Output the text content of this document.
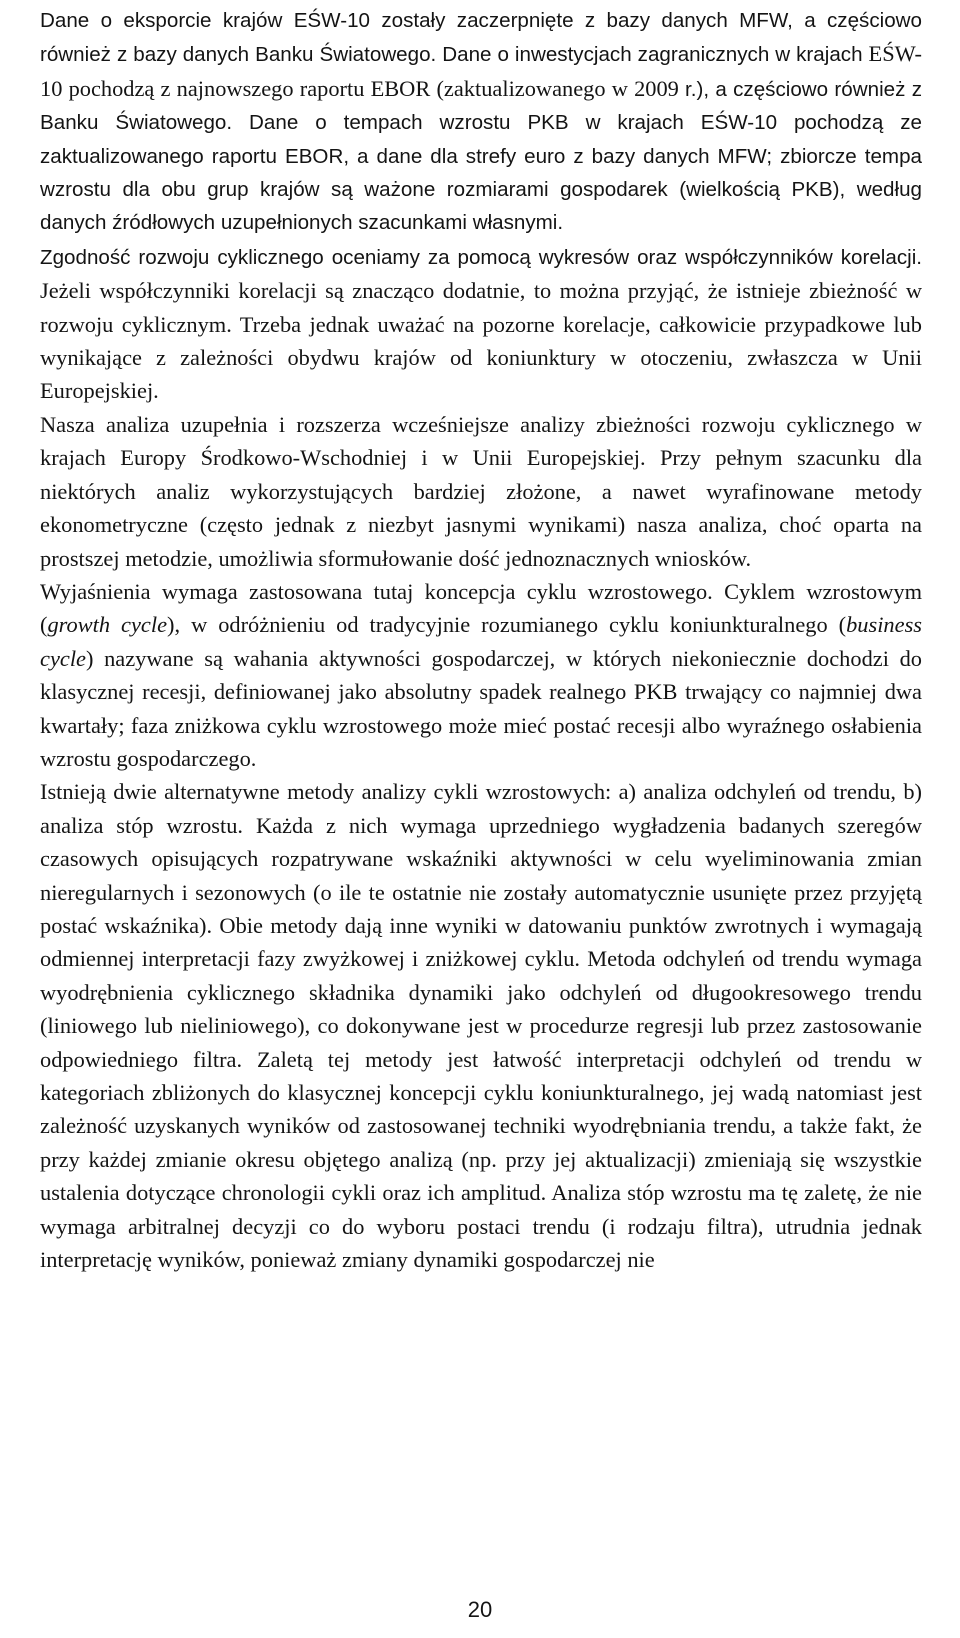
Dane o eksporcie krajów EŚW-10 zostały zaczerpnięte z bazy danych MFW, a częściowo również z bazy danych Banku Światowego. Dane o inwestycjach zagranicznych w krajach EŚW-10 pochodzą z najnowszego raportu EBOR (zaktualizowanego w 2009 r.), a częściowo również z Banku Światowego. Dane o tempach wzrostu PKB w krajach EŚW-10 pochodzą ze zaktualizowanego raportu EBOR, a dane dla strefy euro z bazy danych MFW; zbiorcze tempa wzrostu dla obu grup krajów są ważone rozmiarami gospodarek (wielkością PKB), według danych źródłowych uzupełnionych szacunkami własnymi.

Zgodność rozwoju cyklicznego oceniamy za pomocą wykresów oraz współczynników korelacji. Jeżeli współczynniki korelacji są znacząco dodatnie, to można przyjąć, że istnieje zbieżność w rozwoju cyklicznym. Trzeba jednak uważać na pozorne korelacje, całkowicie przypadkowe lub wynikające z zależności obydwu krajów od koniunktury w otoczeniu, zwłaszcza w Unii Europejskiej.

Nasza analiza uzupełnia i rozszerza wcześniejsze analizy zbieżności rozwoju cyklicznego w krajach Europy Środkowo-Wschodniej i w Unii Europejskiej. Przy pełnym szacunku dla niektórych analiz wykorzystujących bardziej złożone, a nawet wyrafinowane metody ekonometryczne (często jednak z niezbyt jasnymi wynikami) nasza analiza, choć oparta na prostszej metodzie, umożliwia sformułowanie dość jednoznacznych wniosków.

Wyjaśnienia wymaga zastosowana tutaj koncepcja cyklu wzrostowego. Cyklem wzrostowym (growth cycle), w odróżnieniu od tradycyjnie rozumianego cyklu koniunkturalnego (business cycle) nazywane są wahania aktywności gospodarczej, w których niekoniecznie dochodzi do klasycznej recesji, definiowanej jako absolutny spadek realnego PKB trwający co najmniej dwa kwartały; faza zniżkowa cyklu wzrostowego może mieć postać recesji albo wyraźnego osłabienia wzrostu gospodarczego.

Istnieją dwie alternatywne metody analizy cykli wzrostowych: a) analiza odchyleń od trendu, b) analiza stóp wzrostu. Każda z nich wymaga uprzedniego wygładzenia badanych szeregów czasowych opisujących rozpatrywane wskaźniki aktywności w celu wyeliminowania zmian nieregularnych i sezonowych (o ile te ostatnie nie zostały automatycznie usunięte przez przyjętą postać wskaźnika). Obie metody dają inne wyniki w datowaniu punktów zwrotnych i wymagają odmiennej interpretacji fazy zwyżkowej i zniżkowej cyklu. Metoda odchyleń od trendu wymaga wyodrębnienia cyklicznego składnika dynamiki jako odchyleń od długookresowego trendu (liniowego lub nieliniowego), co dokonywane jest w procedurze regresji lub przez zastosowanie odpowiedniego filtra. Zaletą tej metody jest łatwość interpretacji odchyleń od trendu w kategoriach zbliżonych do klasycznej koncepcji cyklu koniunkturalnego, jej wadą natomiast jest zależność uzyskanych wyników od zastosowanej techniki wyodrębniania trendu, a także fakt, że przy każdej zmianie okresu objętego analizą (np. przy jej aktualizacji) zmieniają się wszystkie ustalenia dotyczące chronologii cykli oraz ich amplitud. Analiza stóp wzrostu ma tę zaletę, że nie wymaga arbitralnej decyzji co do wyboru postaci trendu (i rodzaju filtra), utrudnia jednak interpretację wyników, ponieważ zmiany dynamiki gospodarczej nie

20
